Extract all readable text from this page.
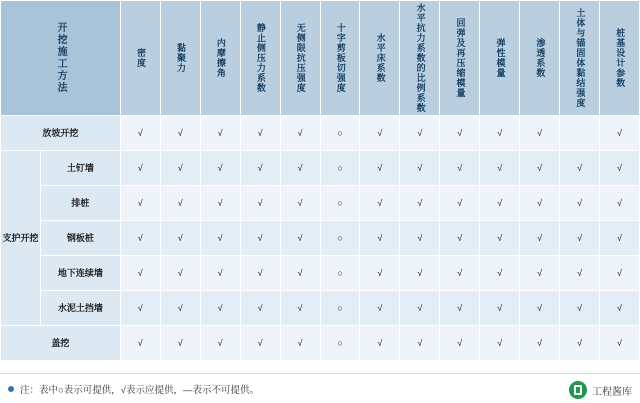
开挖施工方法		密度	黏聚力	内摩擦角	静止侧压力系数	无侧限抗压强度	十字剪板切强度	水平床系数	水平抗力系数的比例系数	回弹及再压缩模量	弹性模量	渗透系数	土体与锚固体黏结强度	桩基设计参数

放坡开挖		√	√	√	√	√	○	√	√	√	√	√		√
支护开挖	土钉墙	√	√	√	√	√	○	√	√	√	√	√	√	√
	排桩	√	√	√	√	√	○	√	√	√	√	√	√	√
	钢板桩	√	√	√	√	√	○	√	√	√	√	√	√	√
	地下连续墙	√	√	√	√	√	○	√	√	√	√	√	√	√
	水泥土挡墙	√	√	√	√	√	○	√	√	√	√	√	√	√
盖挖		√	√	√	√	√	○	√	√	√	√	√	√	√
注：表中○表示可提供，√表示应提供，—表示不可提供。	工程酱库
